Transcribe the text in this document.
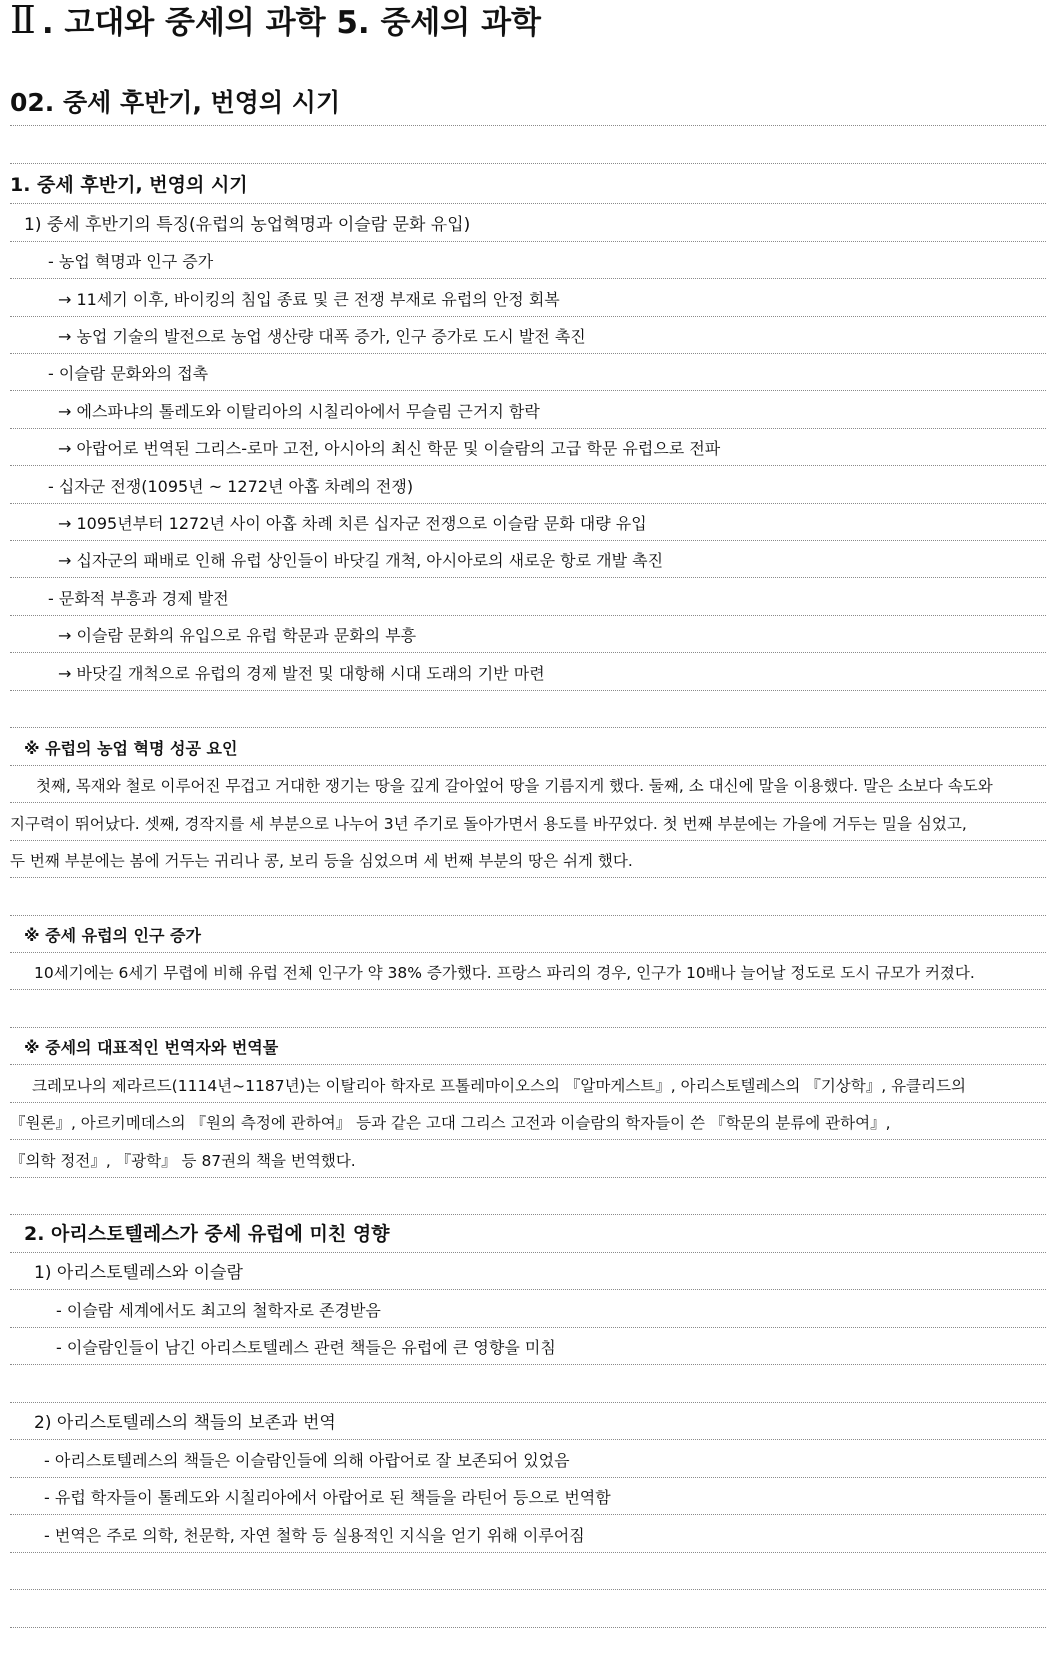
Ⅱ . 고대와 중세의 과학 5. 중세의 과학
02. 중세 후반기, 번영의 시기
1. 중세 후반기, 번영의 시기
1) 중세 후반기의 특징(유럽의 농업혁명과 이슬람 문화 유입)
- 농업 혁명과 인구 증가
→ 11세기 이후, 바이킹의 침입 종료 및 큰 전쟁 부재로 유럽의 안정 회복
→ 농업 기술의 발전으로 농업 생산량 대폭 증가, 인구 증가로 도시 발전 촉진
- 이슬람 문화와의 접촉
→ 에스파냐의 톨레도와 이탈리아의 시칠리아에서 무슬림 근거지 함락
→ 아랍어로 번역된 그리스-로마 고전, 아시아의 최신 학문 및 이슬람의 고급 학문 유럽으로 전파
- 십자군 전쟁(1095년 ~ 1272년 아홉 차례의 전쟁)
→ 1095년부터 1272년 사이 아홉 차례 치른 십자군 전쟁으로 이슬람 문화 대량 유입
→ 십자군의 패배로 인해 유럽 상인들이 바닷길 개척, 아시아로의 새로운 항로 개발 촉진
- 문화적 부흥과 경제 발전
→ 이슬람 문화의 유입으로 유럽 학문과 문화의 부흥
→ 바닷길 개척으로 유럽의 경제 발전 및 대항해 시대 도래의 기반 마련
※ 유럽의 농업 혁명 성공 요인
첫째, 목재와 철로 이루어진 무겁고 거대한 쟁기는 땅을 깊게 갈아엎어 땅을 기름지게 했다. 둘째, 소 대신에 말을 이용했다. 말은 소보다 속도와
지구력이 뛰어났다. 셋째, 경작지를 세 부분으로 나누어 3년 주기로 돌아가면서 용도를 바꾸었다. 첫 번째 부분에는 가을에 거두는 밀을 심었고,
두 번째 부분에는 봄에 거두는 귀리나 콩, 보리 등을 심었으며 세 번째 부분의 땅은 쉬게 했다.
※ 중세 유럽의 인구 증가
10세기에는 6세기 무렵에 비해 유럽 전체 인구가 약 38% 증가했다. 프랑스 파리의 경우, 인구가 10배나 늘어날 정도로 도시 규모가 커졌다.
※ 중세의 대표적인 번역자와 번역물
크레모나의 제라르드(1114년~1187년)는 이탈리아 학자로 프톨레마이오스의 『알마게스트』, 아리스토텔레스의 『기상학』, 유클리드의
『원론』, 아르키메데스의 『원의 측정에 관하여』 등과 같은 고대 그리스 고전과 이슬람의 학자들이 쓴 『학문의 분류에 관하여』,
『의학 정전』, 『광학』 등 87권의 책을 번역했다.
2. 아리스토텔레스가 중세 유럽에 미친 영향
1) 아리스토텔레스와 이슬람
- 이슬람 세계에서도 최고의 철학자로 존경받음
- 이슬람인들이 남긴 아리스토텔레스 관련 책들은 유럽에 큰 영향을 미침
2) 아리스토텔레스의 책들의 보존과 번역
- 아리스토텔레스의 책들은 이슬람인들에 의해 아랍어로 잘 보존되어 있었음
- 유럽 학자들이 톨레도와 시칠리아에서 아랍어로 된 책들을 라틴어 등으로 번역함
- 번역은 주로 의학, 천문학, 자연 철학 등 실용적인 지식을 얻기 위해 이루어짐
